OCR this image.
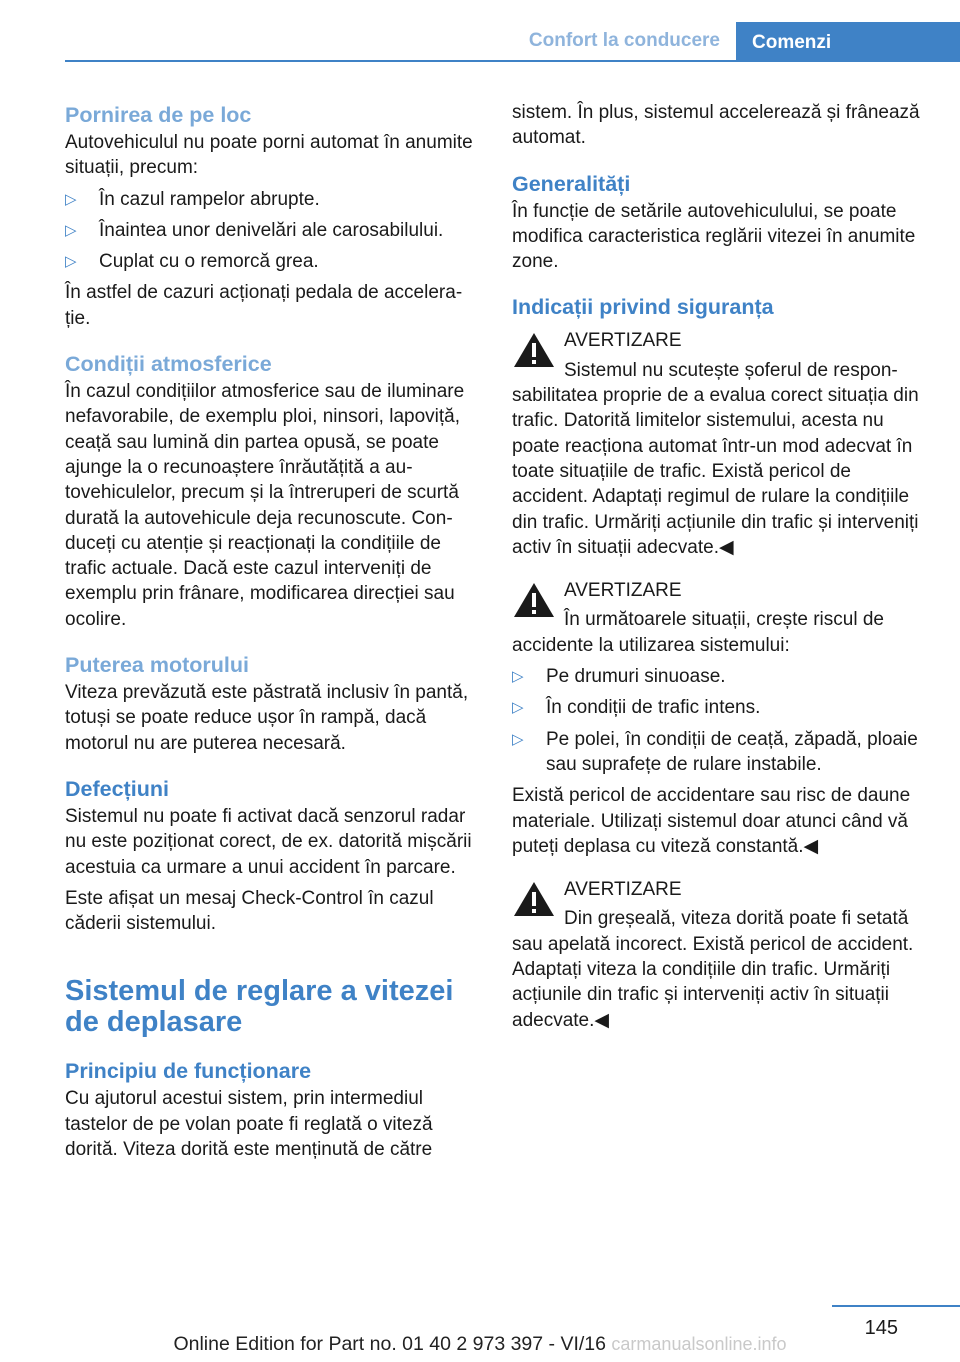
Confort la conducere	Comenzi
Pornirea de pe loc

Autovehiculul nu poate porni automat în anumite situații, precum:

▷ În cazul rampelor abrupte.
▷ Înaintea unor denivelări ale carosabilului.
▷ Cuplat cu o remorcă grea.

În astfel de cazuri acționați pedala de accelerație.

Condiții atmosferice

În cazul condițiilor atmosferice sau de iluminare nefavorabile, de exemplu ploi, ninsori, lapoviță, ceață sau lumină din partea opusă, se poate ajunge la o recunoaștere înrăutățită a autovehiculelor, precum și la întreruperi de scurtă durată la autovehicule deja recunoscute. Conduceți cu atenție și reacționați la condițiile de trafic actuale. Dacă este cazul interveniți de exemplu prin frânare, modificarea direcției sau ocolire.

Puterea motorului

Viteza prevăzută este păstrată inclusiv în pantă, totuși se poate reduce ușor în rampă, dacă motorul nu are puterea necesară.

Defecțiuni

Sistemul nu poate fi activat dacă senzorul radar nu este poziționat corect, de ex. datorită mișcării acestuia ca urmare a unui accident în parcare.

Este afișat un mesaj Check-Control în cazul căderii sistemului.

Sistemul de reglare a vitezei de deplasare
Principiu de funcționare

Cu ajutorul acestui sistem, prin intermediul tastelor de pe volan poate fi reglată o viteză dorită. Viteza dorită este menținută de către

sistem. În plus, sistemul accelerează și frânează automat.

Generalități

În funcție de setările autovehiculului, se poate modifica caracteristica reglării vitezei în anumite zone.

Indicații privind siguranța

AVERTIZARE

Sistemul nu scutește șoferul de responsabilitatea proprie de a evalua corect situația din trafic. Datorită limitelor sistemului, acesta nu poate reacționa automat într-un mod adecvat în toate situațiile de trafic. Există pericol de accident. Adaptați regimul de rulare la condițiile din trafic. Urmăriți acțiunile din trafic și interveniți activ în situații adecvate.◀

AVERTIZARE

În următoarele situații, crește riscul de accidente la utilizarea sistemului:

▷ Pe drumuri sinuoase.
▷ În condiții de trafic intens.
▷ Pe polei, în condiții de ceață, zăpadă, ploaie sau suprafețe de rulare instabile.

Există pericol de accidentare sau risc de daune materiale. Utilizați sistemul doar atunci când vă puteți deplasa cu viteză constantă.◀

AVERTIZARE

Din greșeală, viteza dorită poate fi setată sau apelată incorect. Există pericol de accident. Adaptați viteza la condițiile din trafic. Urmăriți acțiunile din trafic și interveniți activ în situații adecvate.◀

145
Online Edition for Part no. 01 40 2 973 397 - VI/16 carmanualsonline.info
